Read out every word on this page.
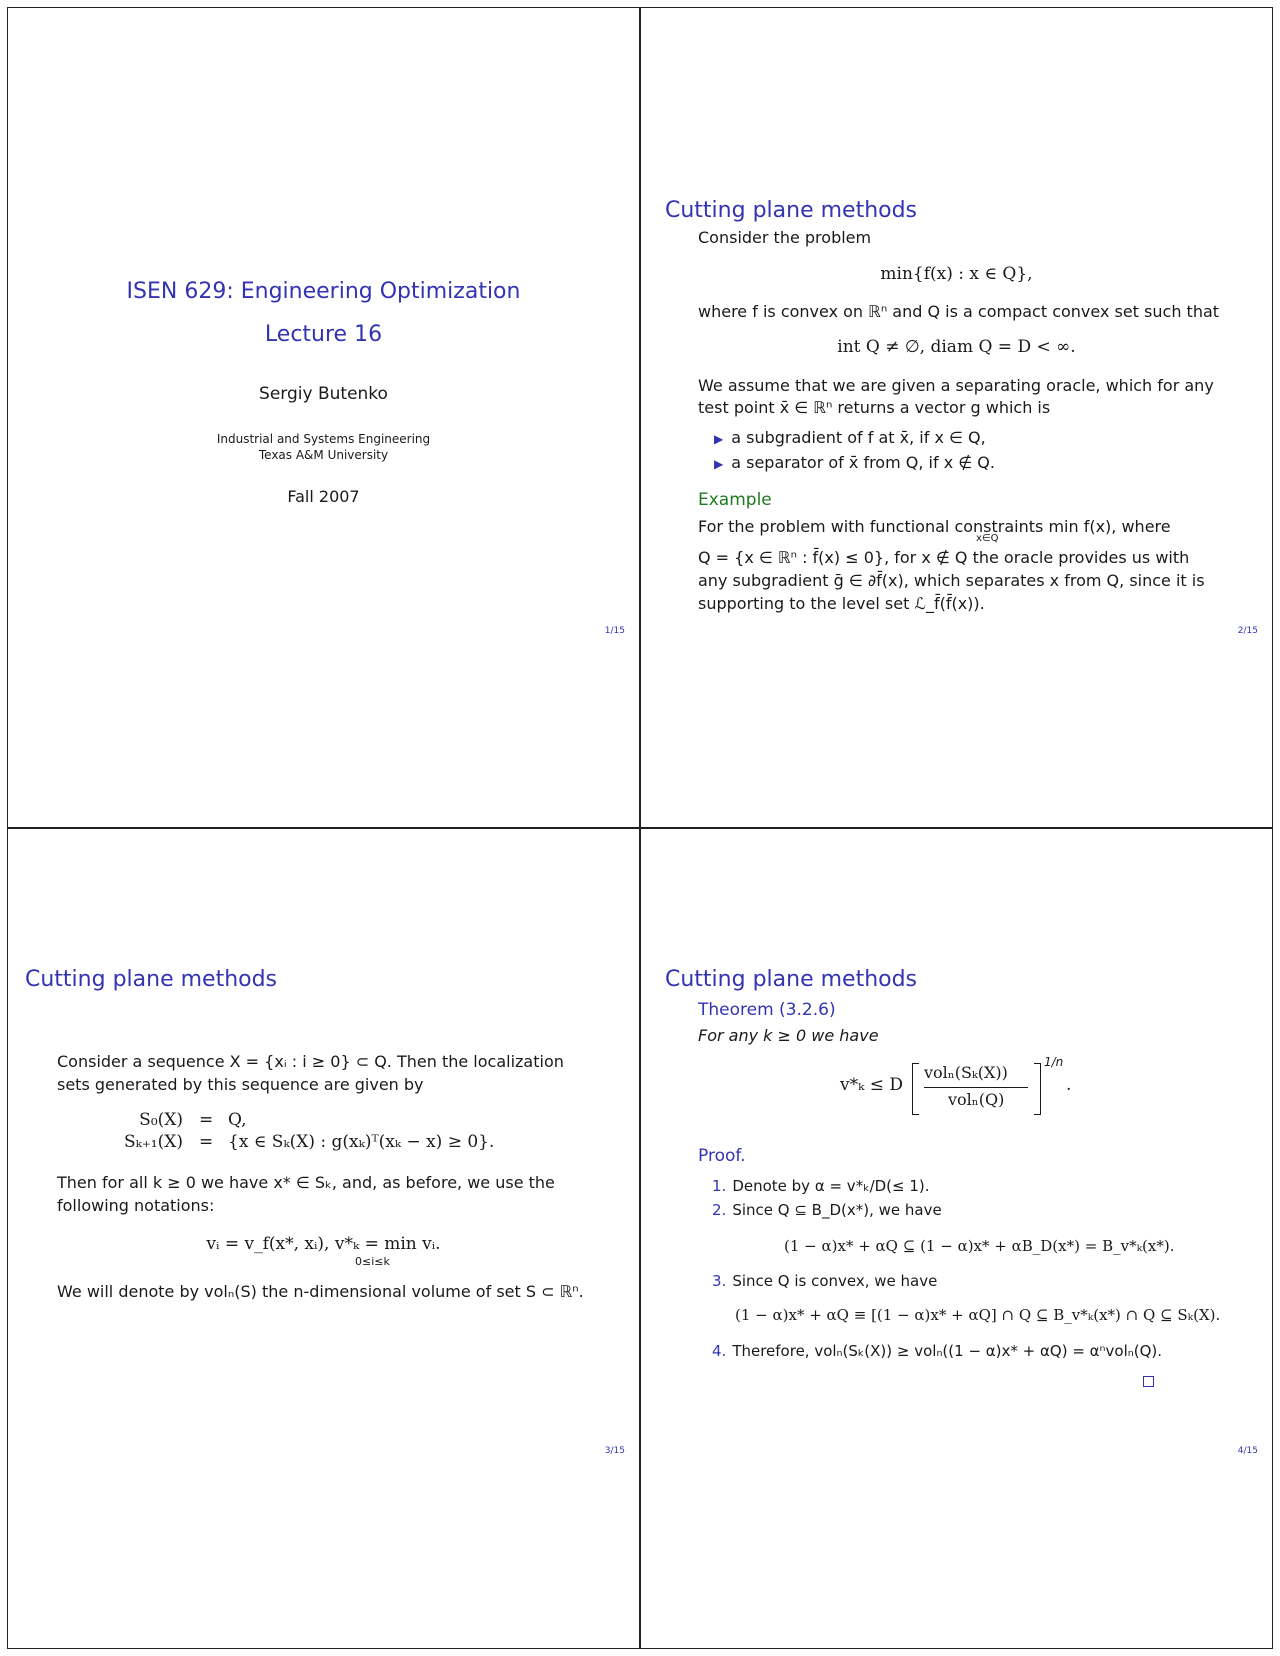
ISEN 629: Engineering Optimization
Lecture 16
Sergiy Butenko
Industrial and Systems Engineering
Texas A&M University
Fall 2007
1/15
Cutting plane methods
Consider the problem
min{f(x) : x ∈ Q},
where f is convex on ℝⁿ and Q is a compact convex set such that
int Q ≠ ∅, diam Q = D < ∞.
We assume that we are given a separating oracle, which for any
test point x̄ ∈ ℝⁿ returns a vector g which is
▶ a subgradient of f at x̄, if x ∈ Q,
▶ a separator of x̄ from Q, if x ∉ Q.
Example
For the problem with functional constraints min f(x), where
x∈Q
Q = {x ∈ ℝⁿ : f̄(x) ≤ 0}, for x ∉ Q the oracle provides us with
any subgradient ḡ ∈ ∂f̄(x), which separates x from Q, since it is
supporting to the level set ℒ_f̄(f̄(x)).
2/15
Cutting plane methods
Consider a sequence X = {xᵢ : i ≥ 0} ⊂ Q. Then the localization
sets generated by this sequence are given by
S₀(X) = Q,
Sₖ₊₁(X) = {x ∈ Sₖ(X) : g(xₖ)ᵀ(xₖ − x) ≥ 0}.
Then for all k ≥ 0 we have x* ∈ Sₖ, and, as before, we use the
following notations:
vᵢ = v_f(x*, xᵢ), v*ₖ = min vᵢ.
0≤i≤k
We will denote by volₙ(S) the n-dimensional volume of set S ⊂ ℝⁿ.
3/15
Cutting plane methods
Theorem (3.2.6)
For any k ≥ 0 we have
v*ₖ ≤ D
volₙ(Sₖ(X))
volₙ(Q)
1/n
.
Proof.
1. Denote by α = v*ₖ/D(≤ 1).
2. Since Q ⊆ B_D(x*), we have
(1 − α)x* + αQ ⊆ (1 − α)x* + αB_D(x*) = B_v*ₖ(x*).
3. Since Q is convex, we have
(1 − α)x* + αQ ≡ [(1 − α)x* + αQ] ∩ Q ⊆ B_v*ₖ(x*) ∩ Q ⊆ Sₖ(X).
4. Therefore, volₙ(Sₖ(X)) ≥ volₙ((1 − α)x* + αQ) = αⁿvolₙ(Q).
4/15
